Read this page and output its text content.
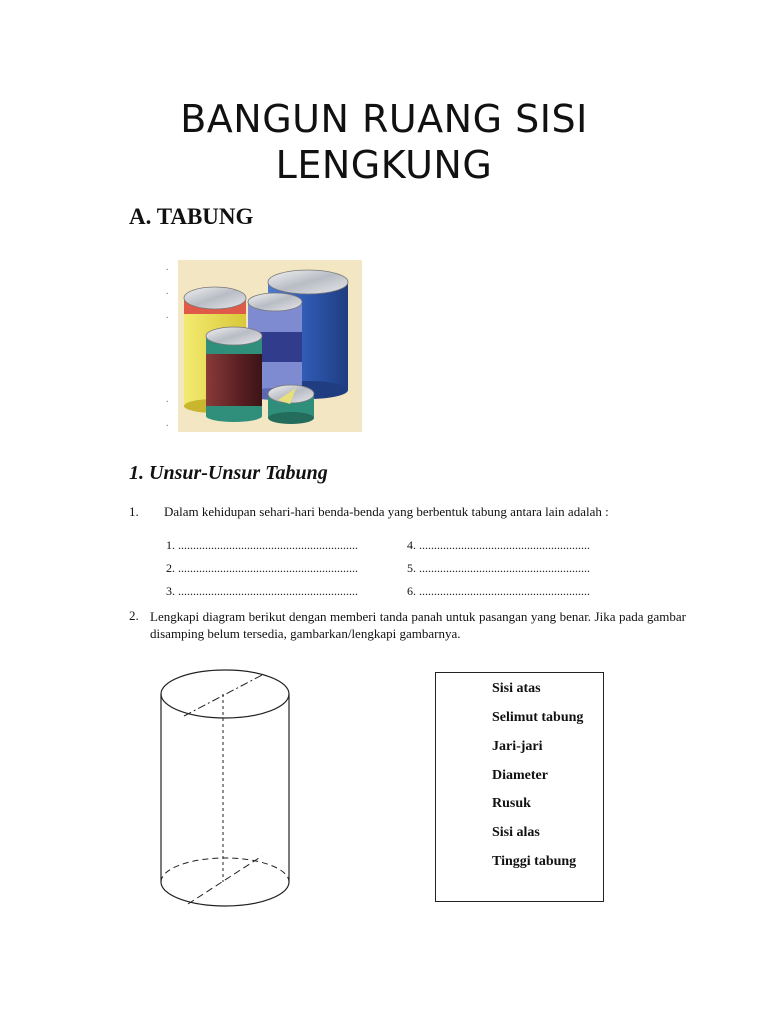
BANGUN RUANG SISI
LENGKUNG
A. TABUNG
.

.

.

.

.
1. Unsur-Unsur Tabung
1. Dalam kehidupan sehari-hari benda-benda yang berbentuk tabung antara lain adalah :
1. ............................................................	4. .........................................................
2. ............................................................	5. .........................................................
3. ............................................................	6. .........................................................
2. Lengkapi diagram berikut dengan memberi tanda panah untuk pasangan yang benar. Jika pada gambar disamping belum tersedia, gambarkan/lengkapi gambarnya.
Sisi atas
Selimut tabung
Jari-jari
Diameter
Rusuk
Sisi alas
Tinggi tabung
